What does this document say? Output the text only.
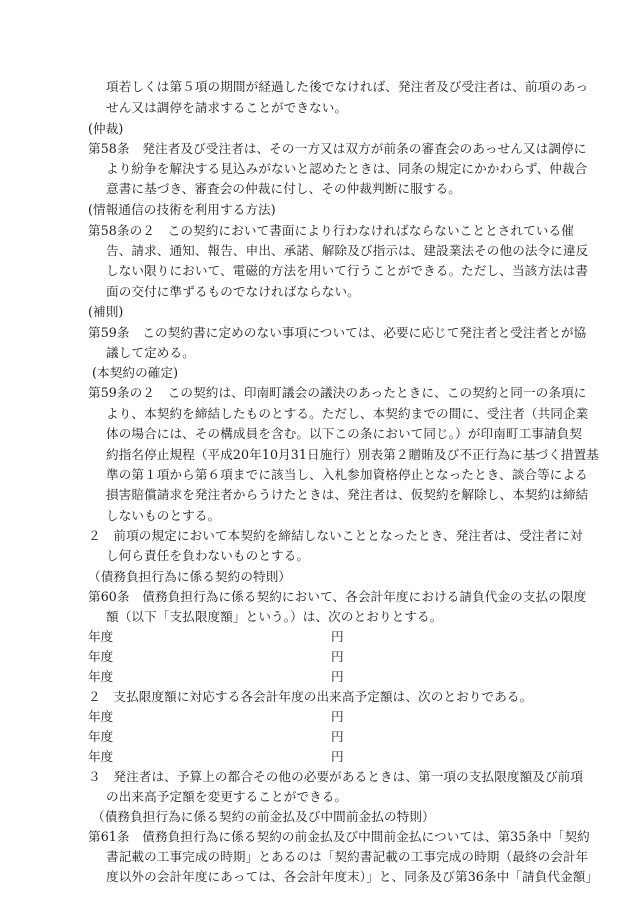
項若しくは第５項の期間が経過した後でなければ、発注者及び受注者は、前項のあっ
せん又は調停を請求することができない。
(仲裁)
第58条　発注者及び受注者は、その一方又は双方が前条の審査会のあっせん又は調停に
より紛争を解決する見込みがないと認めたときは、同条の規定にかかわらず、仲裁合
意書に基づき、審査会の仲裁に付し、その仲裁判断に服する。
(情報通信の技術を利用する方法)
第58条の２　この契約において書面により行わなければならないこととされている催
告、請求、通知、報告、申出、承諾、解除及び指示は、建設業法その他の法令に違反
しない限りにおいて、電磁的方法を用いて行うことができる。ただし、当該方法は書
面の交付に準ずるものでなければならない。
(補則)
第59条　この契約書に定めのない事項については、必要に応じて発注者と受注者とが協
議して定める。
(本契約の確定)
第59条の２　この契約は、印南町議会の議決のあったときに、この契約と同一の条項に
より、本契約を締結したものとする。ただし、本契約までの間に、受注者（共同企業
体の場合には、その構成員を含む。以下この条において同じ。）が印南町工事請負契
約指名停止規程（平成20年10月31日施行）別表第２贈賄及び不正行為に基づく措置基
準の第１項から第６項までに該当し、入札参加資格停止となったとき、談合等による
損害賠償請求を発注者からうけたときは、発注者は、仮契約を解除し、本契約は締結
しないものとする。
２　前項の規定において本契約を締結しないこととなったとき、発注者は、受注者に対
し何ら責任を負わないものとする。
（債務負担行為に係る契約の特則）
第60条　債務負担行為に係る契約において、各会計年度における請負代金の支払の限度
額（以下「支払限度額」という。）は、次のとおりとする。
年度	円
年度	円
年度	円
２　支払限度額に対応する各会計年度の出来高予定額は、次のとおりである。
年度	円
年度	円
年度	円
３　発注者は、予算上の都合その他の必要があるときは、第一項の支払限度額及び前項
の出来高予定額を変更することができる。
（債務負担行為に係る契約の前金払及び中間前金払の特則）
第61条　債務負担行為に係る契約の前金払及び中間前金払については、第35条中「契約
書記載の工事完成の時期」とあるのは「契約書記載の工事完成の時期（最終の会計年
度以外の会計年度にあっては、各会計年度末）」と、同条及び第36条中「請負代金額」
